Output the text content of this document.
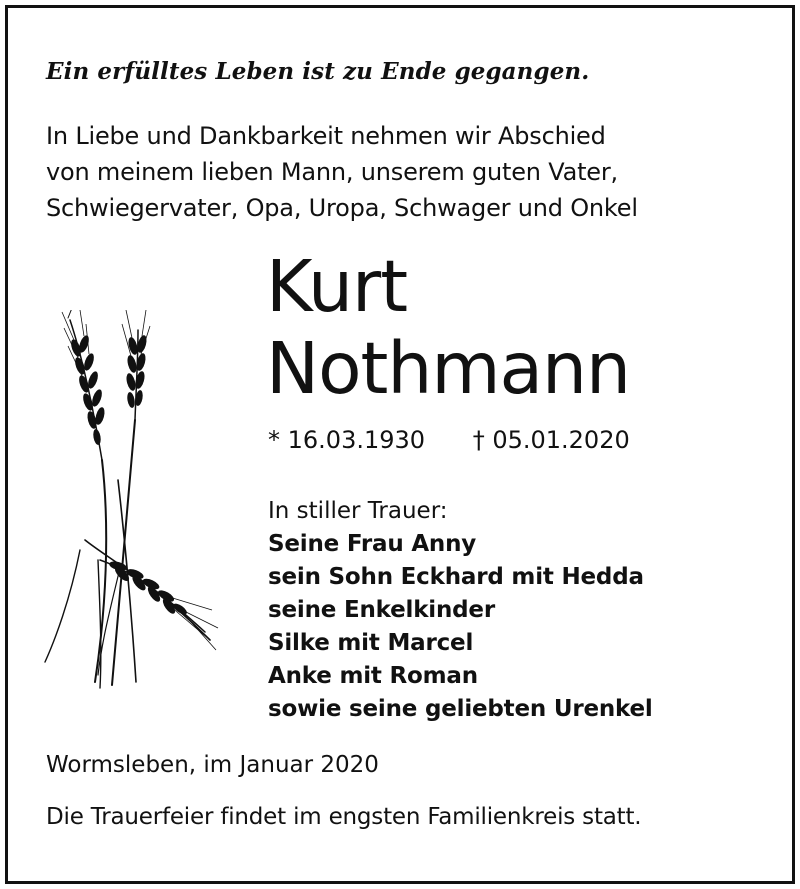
Ein erfülltes Leben ist zu Ende gegangen.
In Liebe und Dankbarkeit nehmen wir Abschied
von meinem lieben Mann, unserem guten Vater,
Schwiegervater, Opa, Uropa, Schwager und Onkel
Kurt
Nothmann
* 16.03.1930 † 05.01.2020
In stiller Trauer:
Seine Frau Anny
sein Sohn Eckhard mit Hedda
seine Enkelkinder
Silke mit Marcel
Anke mit Roman
sowie seine geliebten Urenkel
Wormsleben, im Januar 2020
Die Trauerfeier findet im engsten Familienkreis statt.
